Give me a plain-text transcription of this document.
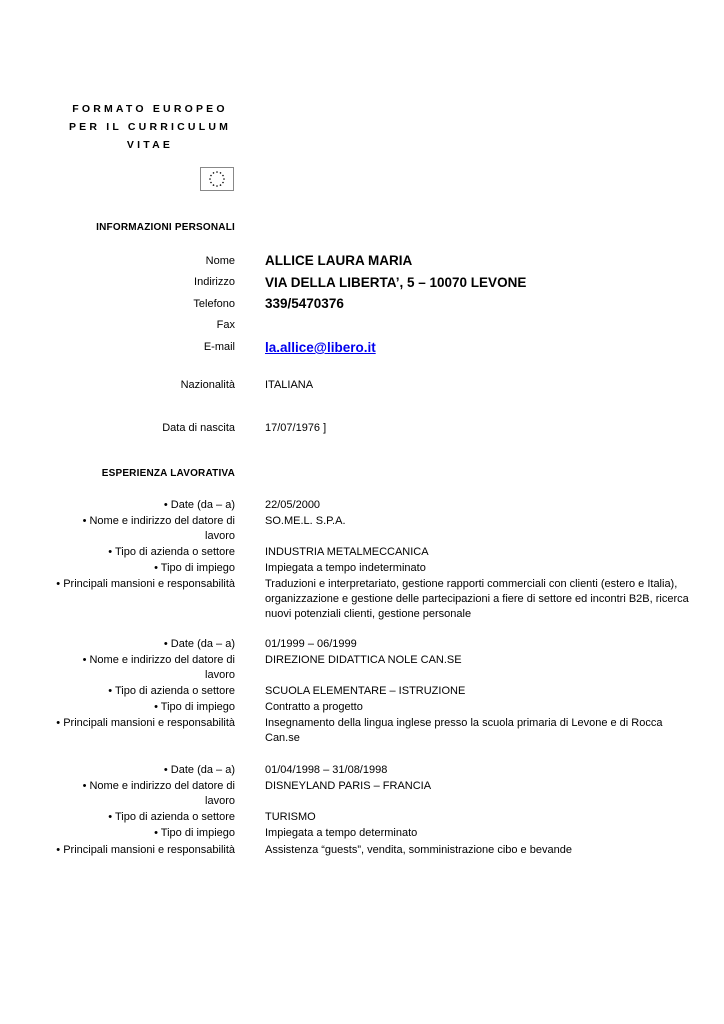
FORMATO EUROPEO
PER IL CURRICULUM
VITAE
INFORMAZIONI PERSONALI
Nome ALLICE LAURA MARIA
Indirizzo VIA DELLA LIBERTA’, 5 – 10070 LEVONE
Telefono 339/5470376
Fax
E-mail la.allice@libero.it
Nazionalità	ITALIANA
Data di nascita	17/07/1976 ]
ESPERIENZA LAVORATIVA
• Date (da – a)	22/05/2000
• Nome e indirizzo del datore di lavoro
SO.ME.L. S.P.A.
• Tipo di azienda o settore	INDUSTRIA METALMECCANICA
• Tipo di impiego	Impiegata a tempo indeterminato
• Principali mansioni e responsabilità	Traduzioni e interpretariato, gestione rapporti commerciali con clienti (estero e Italia), organizzazione e gestione delle partecipazioni a fiere di settore ed incontri B2B, ricerca nuovi potenziali clienti, gestione personale
• Date (da – a)	01/1999 – 06/1999
• Nome e indirizzo del datore di lavoro
DIREZIONE DIDATTICA NOLE CAN.SE
• Tipo di azienda o settore	SCUOLA ELEMENTARE – ISTRUZIONE
• Tipo di impiego	Contratto a progetto
• Principali mansioni e responsabilità	Insegnamento della lingua inglese presso la scuola primaria di Levone e di Rocca Can.se
• Date (da – a)	01/04/1998 – 31/08/1998
• Nome e indirizzo del datore di lavoro
DISNEYLAND PARIS – FRANCIA
• Tipo di azienda o settore	TURISMO
• Tipo di impiego	Impiegata a tempo determinato
• Principali mansioni e responsabilità	Assistenza “guests”, vendita, somministrazione cibo e bevande
